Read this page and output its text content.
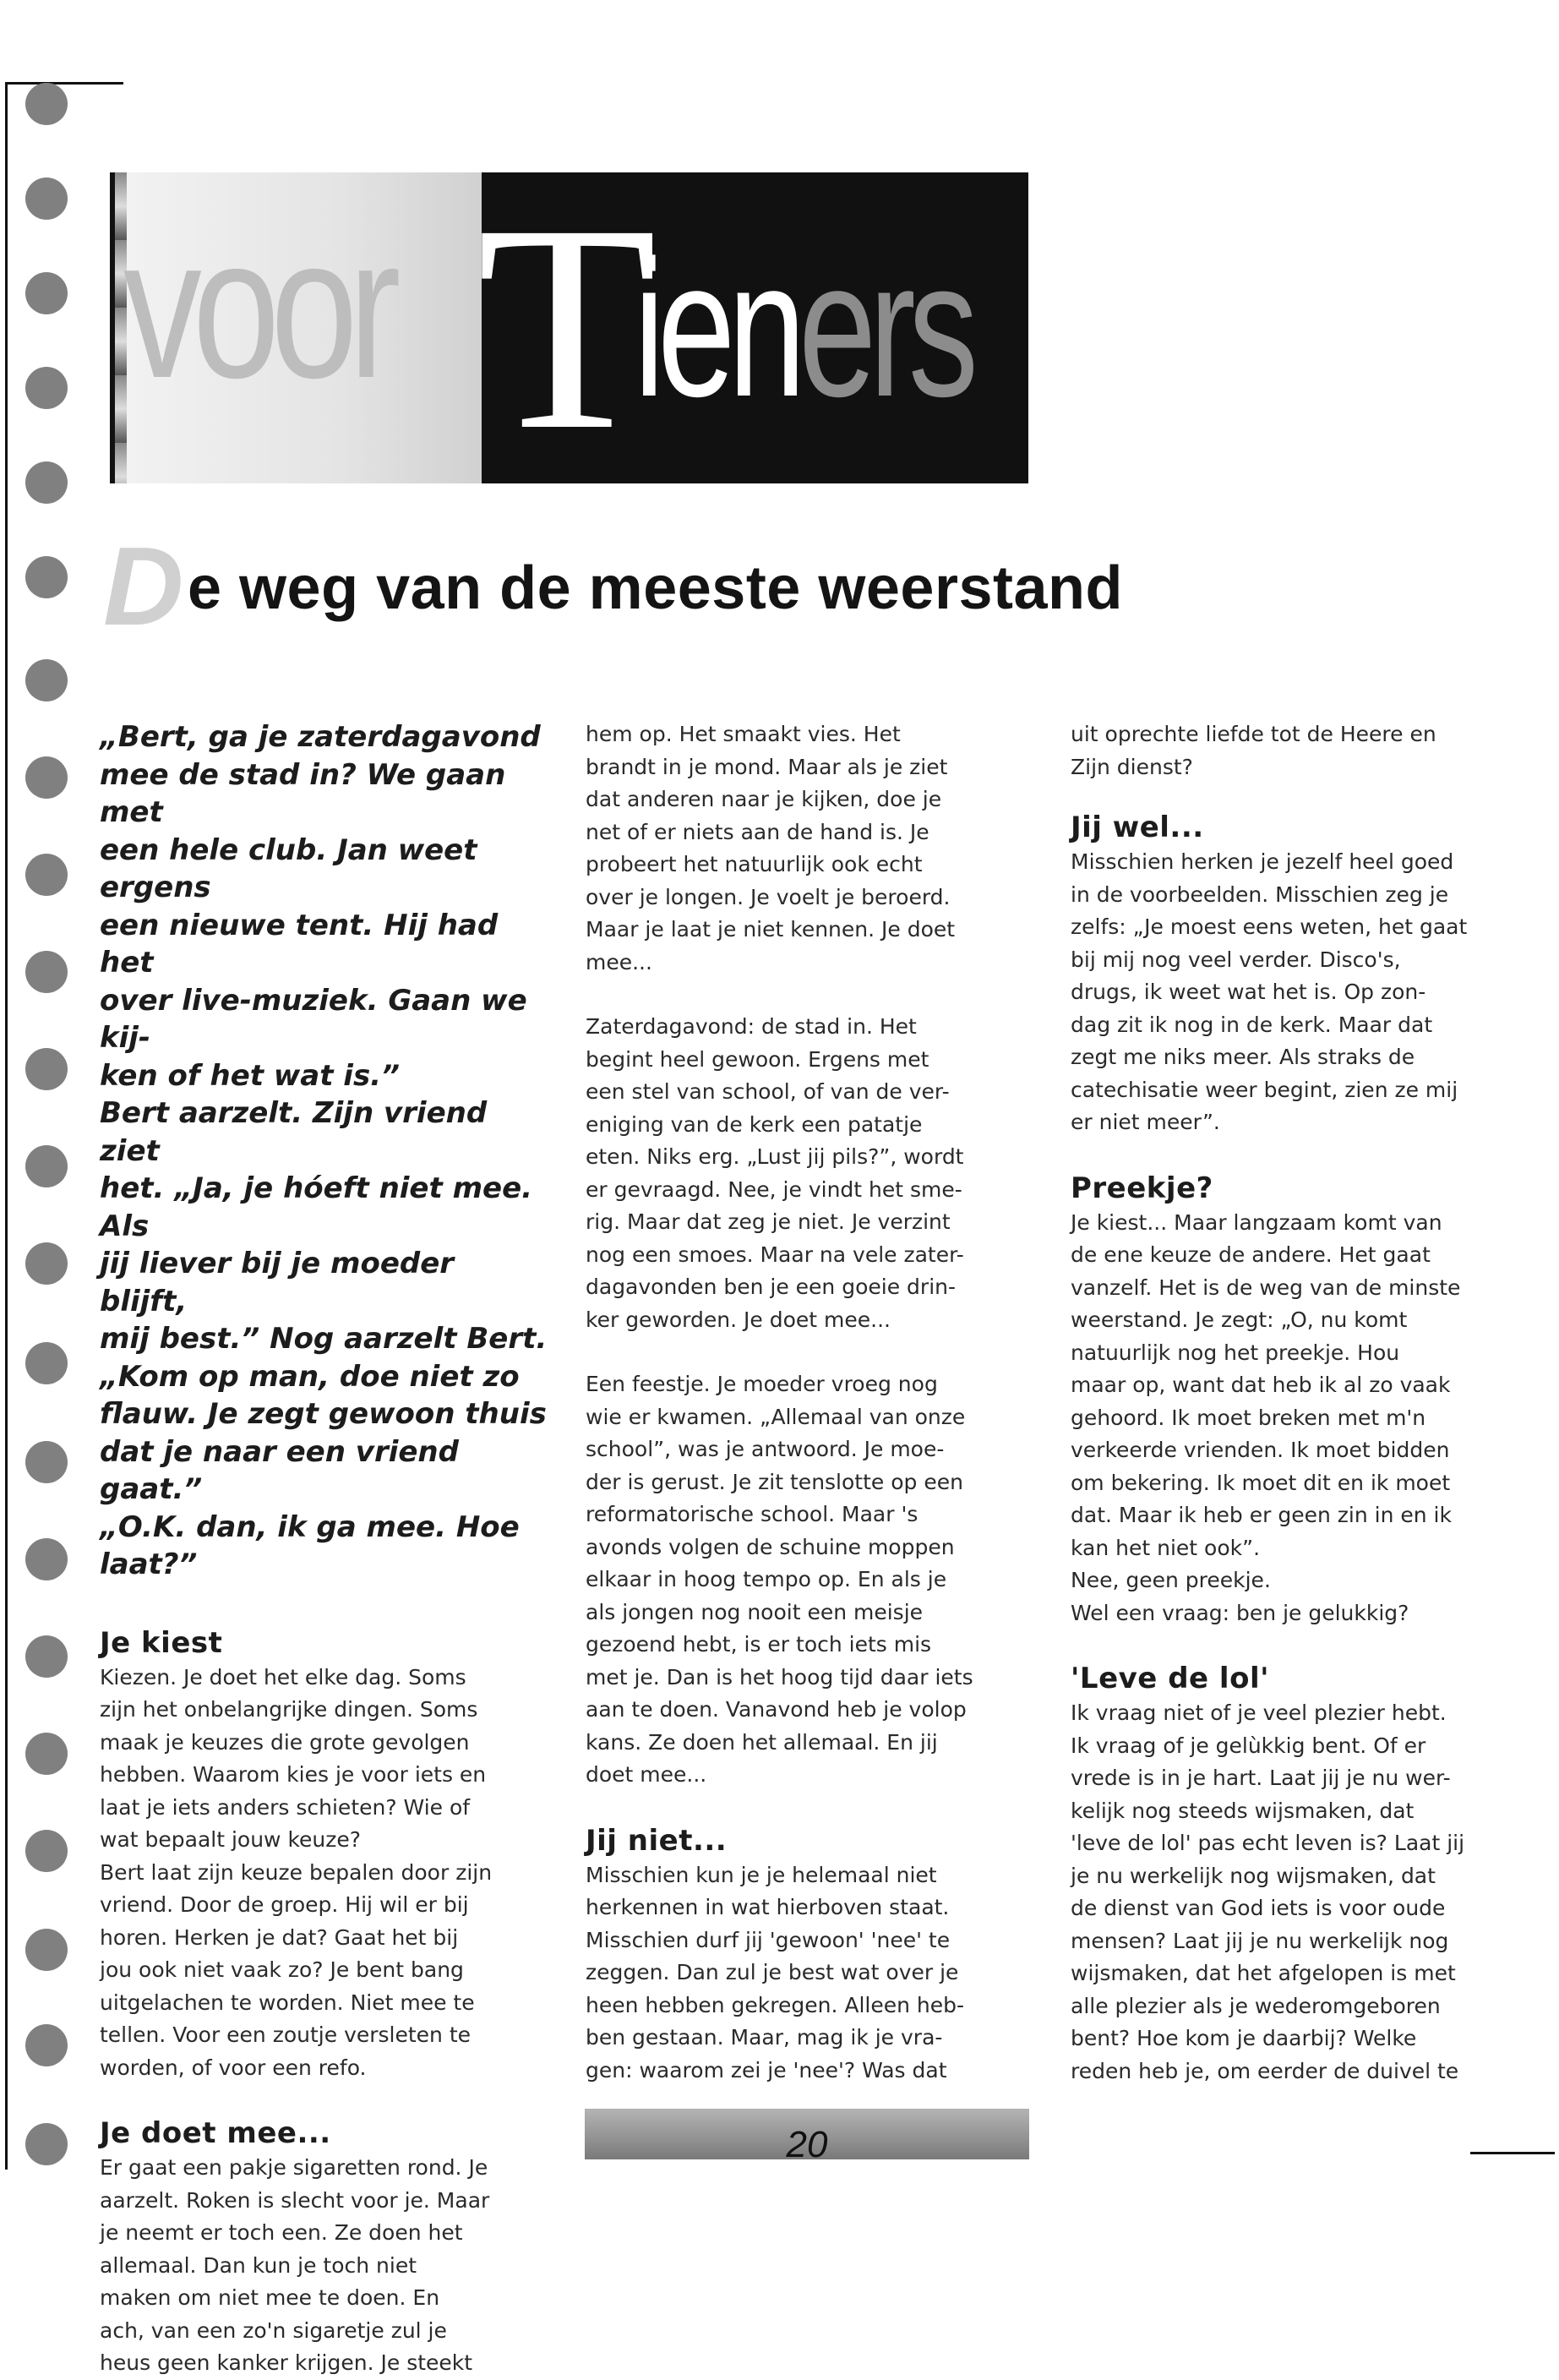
voor T
ieners
D e weg van de meeste weerstand
„Bert, ga je zaterdagavond
mee de stad in? We gaan met
een hele club. Jan weet ergens
een nieuwe tent. Hij had het
over live-muziek. Gaan we kij-
ken of het wat is.”
Bert aarzelt. Zijn vriend ziet
het. „Ja, je hóeft niet mee. Als
jij liever bij je moeder blijft,
mij best.” Nog aarzelt Bert.
„Kom op man, doe niet zo
flauw. Je zegt gewoon thuis
dat je naar een vriend gaat.”
„O.K. dan, ik ga mee. Hoe
laat?”
Je kiest
Kiezen. Je doet het elke dag. Soms
zijn het onbelangrijke dingen. Soms
maak je keuzes die grote gevolgen
hebben. Waarom kies je voor iets en
laat je iets anders schieten? Wie of
wat bepaalt jouw keuze?
Bert laat zijn keuze bepalen door zijn
vriend. Door de groep. Hij wil er bij
horen. Herken je dat? Gaat het bij
jou ook niet vaak zo? Je bent bang
uitgelachen te worden. Niet mee te
tellen. Voor een zoutje versleten te
worden, of voor een refo.
Je doet mee...
Er gaat een pakje sigaretten rond. Je
aarzelt. Roken is slecht voor je. Maar
je neemt er toch een. Ze doen het
allemaal. Dan kun je toch niet
maken om niet mee te doen. En
ach, van een zo'n sigaretje zul je
heus geen kanker krijgen. Je steekt
hem op. Het smaakt vies. Het
brandt in je mond. Maar als je ziet
dat anderen naar je kijken, doe je
net of er niets aan de hand is. Je
probeert het natuurlijk ook echt
over je longen. Je voelt je beroerd.
Maar je laat je niet kennen. Je doet
mee...
Zaterdagavond: de stad in. Het
begint heel gewoon. Ergens met
een stel van school, of van de ver-
eniging van de kerk een patatje
eten. Niks erg. „Lust jij pils?”, wordt
er gevraagd. Nee, je vindt het sme-
rig. Maar dat zeg je niet. Je verzint
nog een smoes. Maar na vele zater-
dagavonden ben je een goeie drin-
ker geworden. Je doet mee...
Een feestje. Je moeder vroeg nog
wie er kwamen. „Allemaal van onze
school”, was je antwoord. Je moe-
der is gerust. Je zit tenslotte op een
reformatorische school. Maar 's
avonds volgen de schuine moppen
elkaar in hoog tempo op. En als je
als jongen nog nooit een meisje
gezoend hebt, is er toch iets mis
met je. Dan is het hoog tijd daar iets
aan te doen. Vanavond heb je volop
kans. Ze doen het allemaal. En jij
doet mee...
Jij niet...
Misschien kun je je helemaal niet
herkennen in wat hierboven staat.
Misschien durf jij 'gewoon' 'nee' te
zeggen. Dan zul je best wat over je
heen hebben gekregen. Alleen heb-
ben gestaan. Maar, mag ik je vra-
gen: waarom zei je 'nee'? Was dat
uit oprechte liefde tot de Heere en
Zijn dienst?
Jij wel...
Misschien herken je jezelf heel goed
in de voorbeelden. Misschien zeg je
zelfs: „Je moest eens weten, het gaat
bij mij nog veel verder. Disco's,
drugs, ik weet wat het is. Op zon-
dag zit ik nog in de kerk. Maar dat
zegt me niks meer. Als straks de
catechisatie weer begint, zien ze mij
er niet meer”.
Preekje?
Je kiest... Maar langzaam komt van
de ene keuze de andere. Het gaat
vanzelf. Het is de weg van de minste
weerstand. Je zegt: „O, nu komt
natuurlijk nog het preekje. Hou
maar op, want dat heb ik al zo vaak
gehoord. Ik moet breken met m'n
verkeerde vrienden. Ik moet bidden
om bekering. Ik moet dit en ik moet
dat. Maar ik heb er geen zin in en ik
kan het niet ook”.
Nee, geen preekje.
Wel een vraag: ben je gelukkig?
'Leve de lol'
Ik vraag niet of je veel plezier hebt.
Ik vraag of je gelùkkig bent. Of er
vrede is in je hart. Laat jij je nu wer-
kelijk nog steeds wijsmaken, dat
'leve de lol' pas echt leven is? Laat jij
je nu werkelijk nog wijsmaken, dat
de dienst van God iets is voor oude
mensen? Laat jij je nu werkelijk nog
wijsmaken, dat het afgelopen is met
alle plezier als je wederomgeboren
bent? Hoe kom je daarbij? Welke
reden heb je, om eerder de duivel te
20
